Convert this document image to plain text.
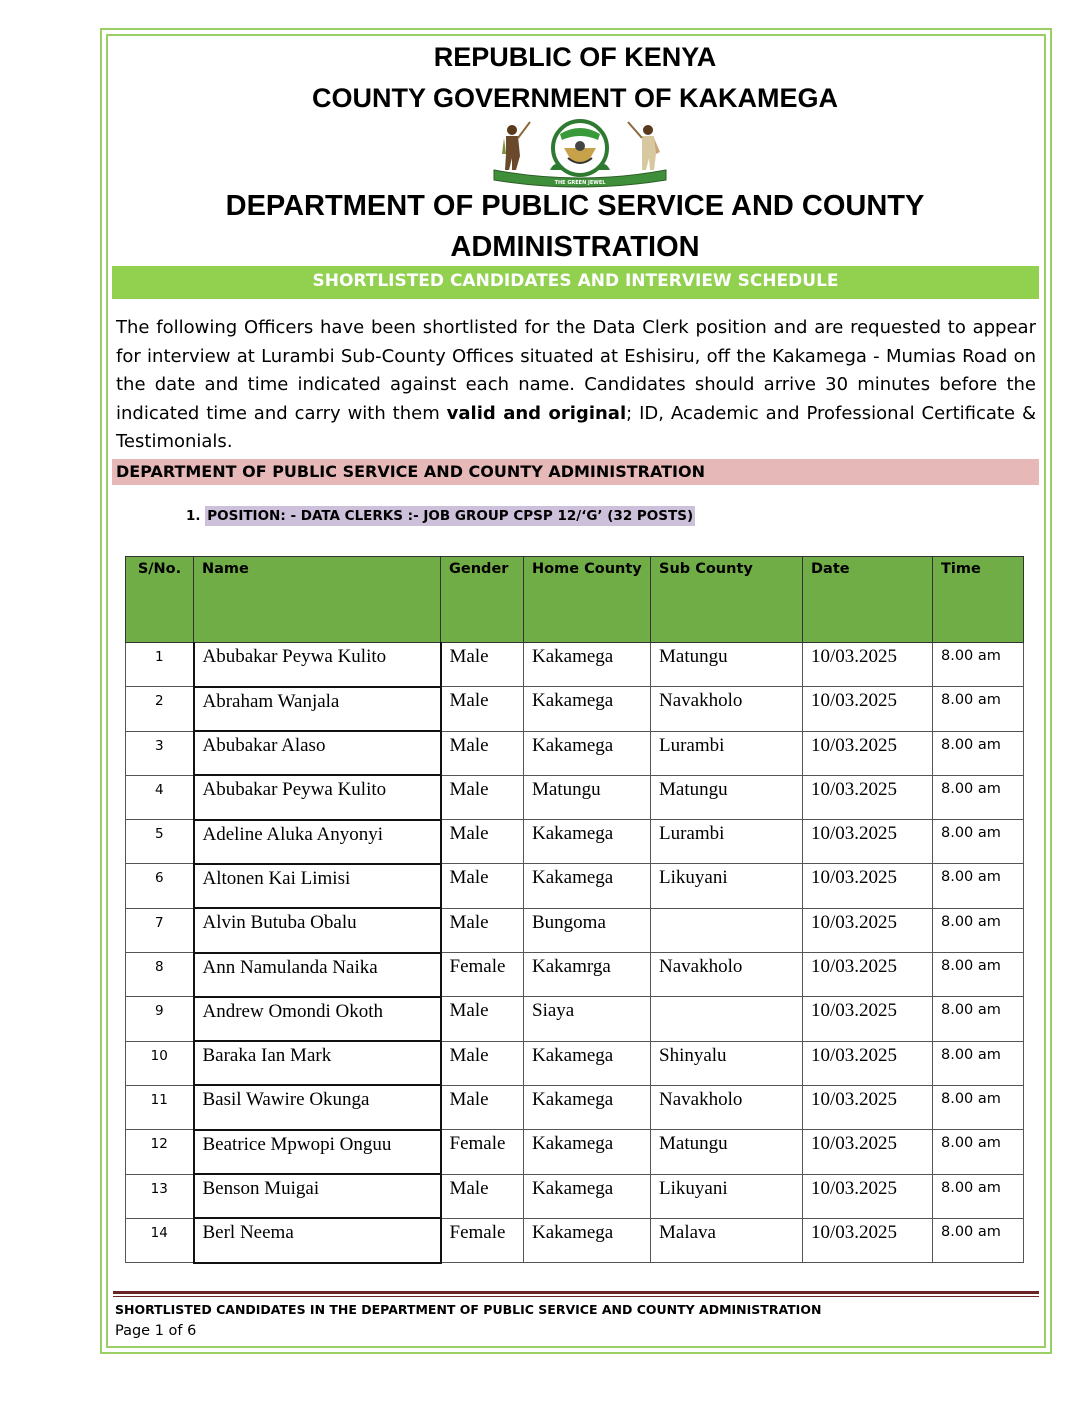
REPUBLIC OF KENYA
COUNTY GOVERNMENT OF KAKAMEGA
THE GREEN JEWEL
DEPARTMENT OF PUBLIC SERVICE AND COUNTY
ADMINISTRATION
SHORTLISTED CANDIDATES AND INTERVIEW SCHEDULE
The following Officers have been shortlisted for the Data Clerk position and are requested to appear for interview at Lurambi Sub-County Offices situated at Eshisiru, off the Kakamega - Mumias Road on the date and time indicated against each name. Candidates should arrive 30 minutes before the indicated time and carry with them valid and original; ID, Academic and Professional Certificate & Testimonials.
DEPARTMENT OF PUBLIC SERVICE AND COUNTY ADMINISTRATION
1. POSITION: - DATA CLERKS :- JOB GROUP CPSP 12/‘G’ (32 POSTS)
S/No.	Name	Gender	Home County	Sub County	Date	Time
1	Abubakar Peywa Kulito	Male	Kakamega	Matungu	10/03.2025	8.00 am
2	Abraham Wanjala	Male	Kakamega	Navakholo	10/03.2025	8.00 am
3	Abubakar Alaso	Male	Kakamega	Lurambi	10/03.2025	8.00 am
4	Abubakar Peywa Kulito	Male	Matungu	Matungu	10/03.2025	8.00 am
5	Adeline Aluka Anyonyi	Male	Kakamega	Lurambi	10/03.2025	8.00 am
6	Altonen Kai Limisi	Male	Kakamega	Likuyani	10/03.2025	8.00 am
7	Alvin Butuba Obalu	Male	Bungoma		10/03.2025	8.00 am
8	Ann Namulanda Naika	Female	Kakamrga	Navakholo	10/03.2025	8.00 am
9	Andrew Omondi Okoth	Male	Siaya		10/03.2025	8.00 am
10	Baraka Ian Mark	Male	Kakamega	Shinyalu	10/03.2025	8.00 am
11	Basil Wawire Okunga	Male	Kakamega	Navakholo	10/03.2025	8.00 am
12	Beatrice Mpwopi Onguu	Female	Kakamega	Matungu	10/03.2025	8.00 am
13	Benson Muigai	Male	Kakamega	Likuyani	10/03.2025	8.00 am
14	Berl Neema	Female	Kakamega	Malava	10/03.2025	8.00 am
SHORTLISTED CANDIDATES IN THE DEPARTMENT OF PUBLIC SERVICE AND COUNTY ADMINISTRATION
Page 1 of 6
